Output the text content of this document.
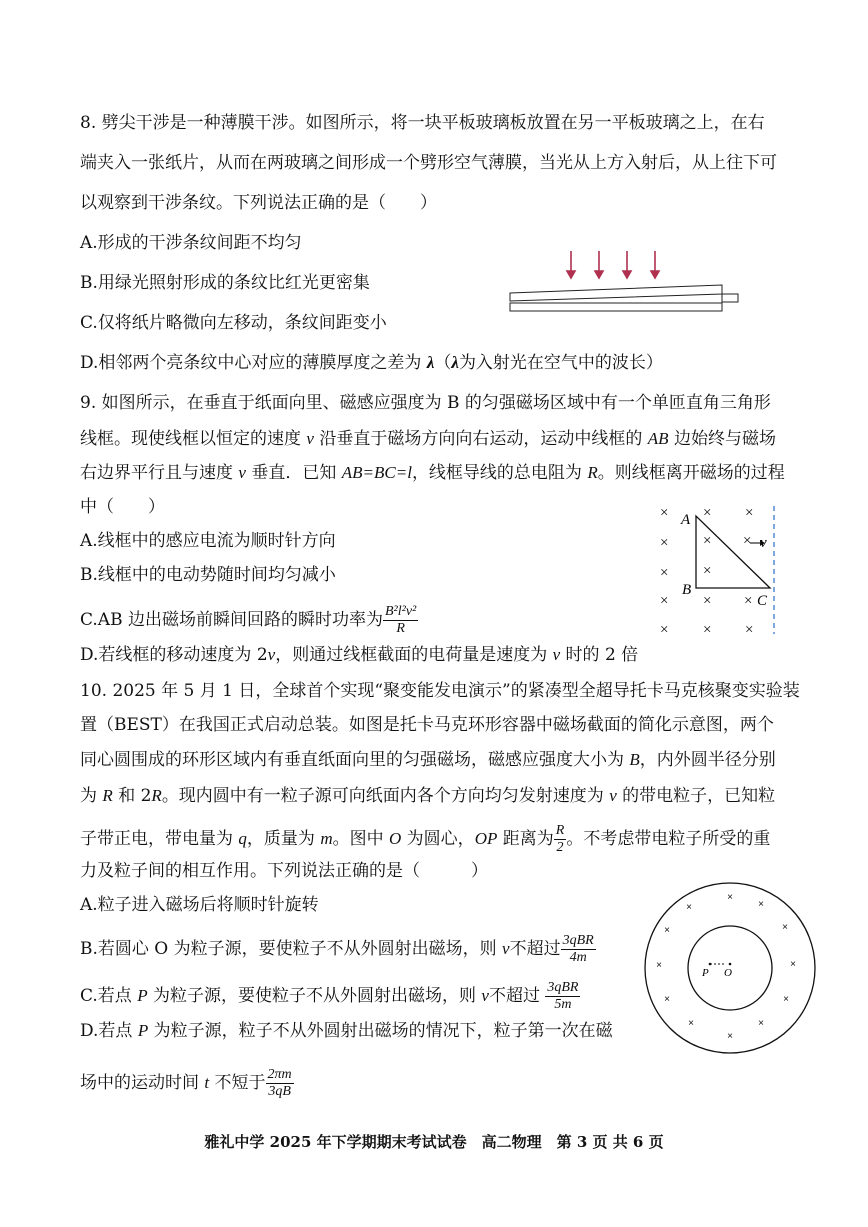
8. 劈尖干涉是一种薄膜干涉。如图所示，将一块平板玻璃板放置在另一平板玻璃之上，在右
端夹入一张纸片，从而在两玻璃之间形成一个劈形空气薄膜，当光从上方入射后，从上往下可
以观察到干涉条纹。下列说法正确的是（　　）
A.形成的干涉条纹间距不均匀
B.用绿光照射形成的条纹比红光更密集
C.仅将纸片略微向左移动，条纹间距变小
D.相邻两个亮条纹中心对应的薄膜厚度之差为 λ（λ为入射光在空气中的波长）
9. 如图所示，在垂直于纸面向里、磁感应强度为 B 的匀强磁场区域中有一个单匝直角三角形
线框。现使线框以恒定的速度 v 沿垂直于磁场方向向右运动，运动中线框的 AB 边始终与磁场
右边界平行且与速度 v 垂直．已知 AB=BC=l，线框导线的总电阻为 R。则线框离开磁场的过程
中（　　）
A.线框中的感应电流为顺时针方向
B.线框中的电动势随时间均匀减小
C.AB 边出磁场前瞬间回路的瞬时功率为 $\frac{\text{B²l²v²}}{R}$
D.若线框的移动速度为 2v，则通过线框截面的电荷量是速度为 v 时的 2 倍
× × ×
× × ×
× ×
× × ×
× × ×
A
B
C
v
10. 2025 年 5 月 1 日，全球首个实现“聚变能发电演示”的紧凑型全超导托卡马克核聚变实验装
置（BEST）在我国正式启动总装。如图是托卡马克环形容器中磁场截面的简化示意图，两个
同心圆围成的环形区域内有垂直纸面向里的匀强磁场，磁感应强度大小为 B，内外圆半径分别
为 R 和 2R。现内圆中有一粒子源可向纸面内各个方向均匀发射速度为 v 的带电粒子，已知粒
子带正电，带电量为 q，质量为 m。图中 O 为圆心，OP 距离为 $\frac{R}{2}$ 。不考虑带电粒子所受的重
力及粒子间的相互作用。下列说法正确的是（　　　）
A.粒子进入磁场后将顺时针旋转
B.若圆心 O 为粒子源，要使粒子不从外圆射出磁场，则 v不超过 $\frac{\text{3qBR}}{4m}$
C.若点 P 为粒子源，要使粒子不从外圆射出磁场，则 v不超过 $\frac{\text{3qBR}}{5m}$
D.若点 P 为粒子源，粒子不从外圆射出磁场的情况下，粒子第一次在磁
场中的运动时间 t 不短于 $\frac{2\pi m}{3qB}$
×
×	×
×	×
×	×
×	×
×	×
×
P O
雅礼中学 2025 年下学期期末考试试卷　高二物理　第 3 页 共 6 页
